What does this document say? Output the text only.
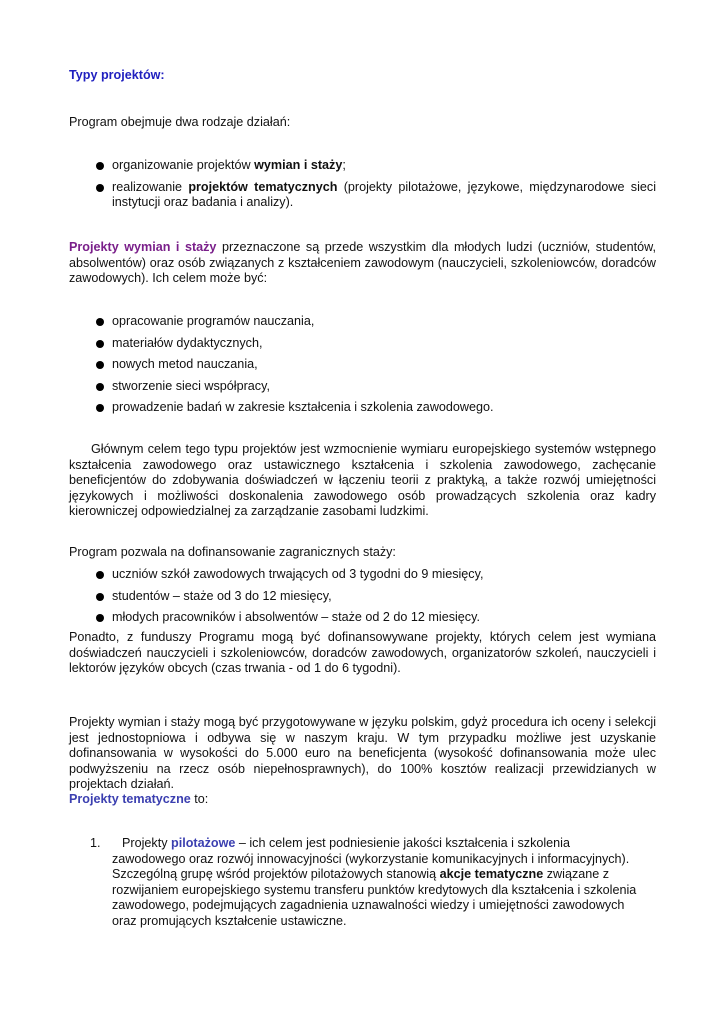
Typy projektów:
Program obejmuje dwa rodzaje działań:
organizowanie projektów wymian i staży;
realizowanie projektów tematycznych (projekty pilotażowe, językowe, międzynarodowe sieci instytucji oraz badania i analizy).
Projekty wymian i staży przeznaczone są przede wszystkim dla młodych ludzi (uczniów, studentów, absolwentów) oraz osób związanych z kształceniem zawodowym (nauczycieli, szkoleniowców, doradców zawodowych). Ich celem może być:
opracowanie programów nauczania,
materiałów dydaktycznych,
nowych metod nauczania,
stworzenie sieci współpracy,
prowadzenie badań w zakresie kształcenia i szkolenia zawodowego.
Głównym celem tego typu projektów jest wzmocnienie wymiaru europejskiego systemów wstępnego kształcenia zawodowego oraz ustawicznego kształcenia i szkolenia zawodowego, zachęcanie beneficjentów do zdobywania doświadczeń w łączeniu teorii z praktyką, a także rozwój umiejętności językowych i możliwości doskonalenia zawodowego osób prowadzących szkolenia oraz kadry kierowniczej odpowiedzialnej za zarządzanie zasobami ludzkimi.
Program pozwala na dofinansowanie zagranicznych staży:
uczniów szkół zawodowych trwających od 3 tygodni do 9 miesięcy,
studentów – staże od 3 do 12 miesięcy,
młodych pracowników i absolwentów – staże od 2 do 12 miesięcy.
Ponadto, z funduszy Programu mogą być dofinansowywane projekty, których celem jest wymiana doświadczeń nauczycieli i szkoleniowców, doradców zawodowych, organizatorów szkoleń, nauczycieli i lektorów języków obcych (czas trwania - od 1 do 6 tygodni).
Projekty wymian i staży mogą być przygotowywane w języku polskim, gdyż procedura ich oceny i selekcji jest jednostopniowa i odbywa się w naszym kraju. W tym przypadku możliwe jest uzyskanie dofinansowania w wysokości do 5.000 euro na beneficjenta (wysokość dofinansowania może ulec podwyższeniu na rzecz osób niepełnosprawnych), do 100% kosztów realizacji przewidzianych w projektach działań.
Projekty tematyczne to:
1.	Projekty pilotażowe – ich celem jest podniesienie jakości kształcenia i szkolenia zawodowego oraz rozwój innowacyjności (wykorzystanie komunikacyjnych i informacyjnych). Szczególną grupę wśród projektów pilotażowych stanowią akcje tematyczne związane z rozwijaniem europejskiego systemu transferu punktów kredytowych dla kształcenia i szkolenia zawodowego, podejmujących zagadnienia uznawalności wiedzy i umiejętności zawodowych oraz promujących kształcenie ustawiczne.
